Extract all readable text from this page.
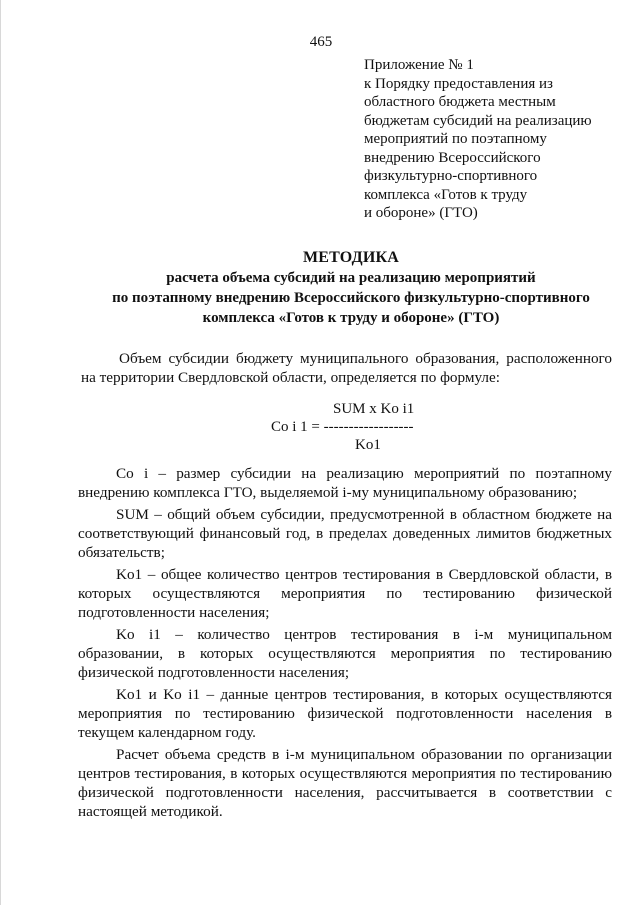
465
Приложение № 1
к Порядку предоставления из
областного бюджета местным
бюджетам субсидий на реализацию
мероприятий по поэтапному
внедрению Всероссийского
физкультурно-спортивного
комплекса «Готов к труду
и обороне» (ГТО)
МЕТОДИКА
расчета объема субсидий на реализацию мероприятий
по поэтапному внедрению Всероссийского физкультурно-спортивного
комплекса «Готов к труду и обороне» (ГТО)

Объем субсидии бюджету муниципального образования, расположенного на территории Свердловской области, определяется по формуле:

SUM x Ko i1
Co i 1 = ------------------
Ko1

Co i – размер субсидии на реализацию мероприятий по поэтапному внедрению комплекса ГТО, выделяемой i-му муниципальному образованию;

SUM – общий объем субсидии, предусмотренной в областном бюджете на соответствующий финансовый год, в пределах доведенных лимитов бюджетных обязательств;

Ko1 – общее количество центров тестирования в Свердловской области, в которых осуществляются мероприятия по тестированию физической подготовленности населения;

Ko i1 – количество центров тестирования в i-м муниципальном образовании, в которых осуществляются мероприятия по тестированию физической подготовленности населения;

Ko1 и Ko i1 – данные центров тестирования, в которых осуществляются мероприятия по тестированию физической подготовленности населения в текущем календарном году.

Расчет объема средств в i-м муниципальном образовании по организации центров тестирования, в которых осуществляются мероприятия по тестированию физической подготовленности населения, рассчитывается в соответствии с настоящей методикой.
